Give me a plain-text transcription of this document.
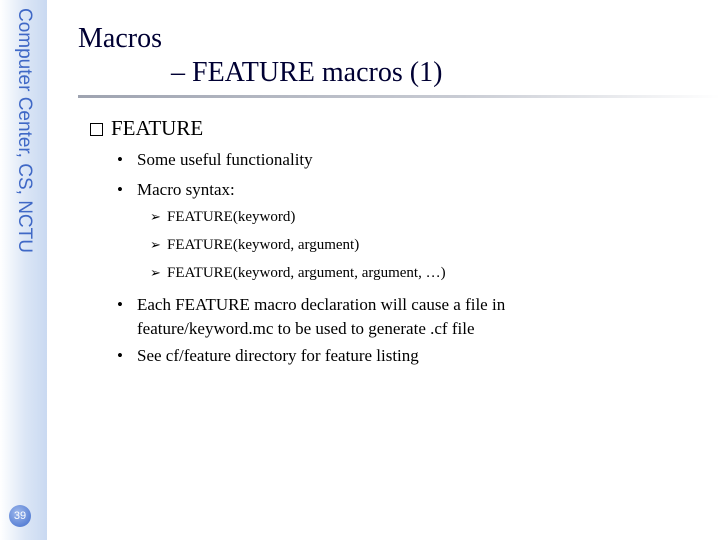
Computer Center, CS, NCTU
39
Macros
– FEATURE macros (1)
FEATURE
• Some useful functionality
• Macro syntax:
➢ FEATURE(keyword)
➢ FEATURE(keyword, argument)
➢ FEATURE(keyword, argument, argument, …)
• Each FEATURE macro declaration will cause a file in
feature/keyword.mc to be used to generate .cf file
• See cf/feature directory for feature listing
